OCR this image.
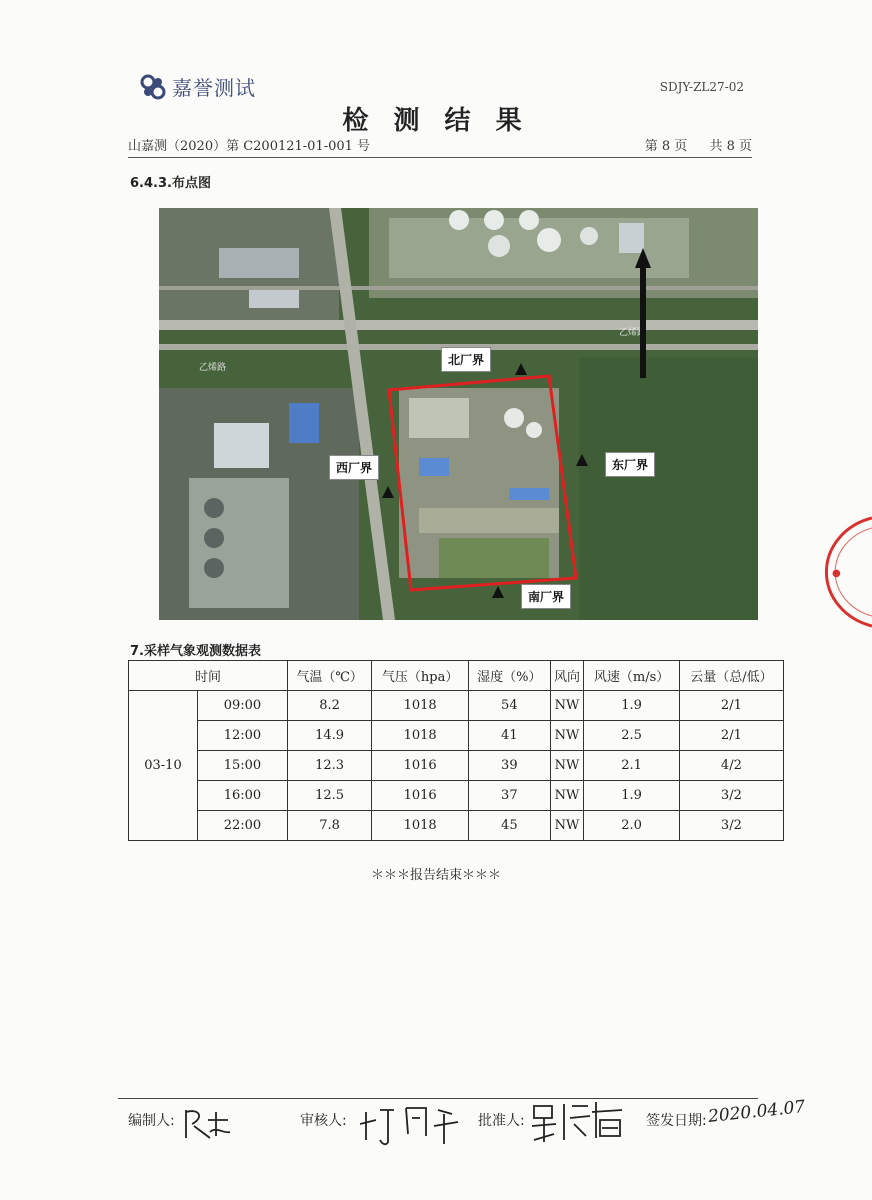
嘉誉测试	SDJY-ZL27-02
检 测 结 果
山嘉测（2020）第 C200121-01-001 号	第 8 页 共 8 页
6.4.3.布点图
乙烯路
乙烯路
北厂界
东厂界
西厂界
南厂界
7.采样气象观测数据表
时间		气温（℃）	气压（hpa）	湿度（%）	风向	风速（m/s）	云量（总/低）
03-10	09:00	8.2	1018	54	NW	1.9	2/1
	12:00	14.9	1018	41	NW	2.5	2/1
	15:00	12.3	1016	39	NW	2.1	4/2
	16:00	12.5	1016	37	NW	1.9	3/2
	22:00	7.8	1018	45	NW	2.0	3/2
＊＊＊报告结束＊＊＊
●
编制人:	审核人:	批准人:	签发日期: 2020.04.07
